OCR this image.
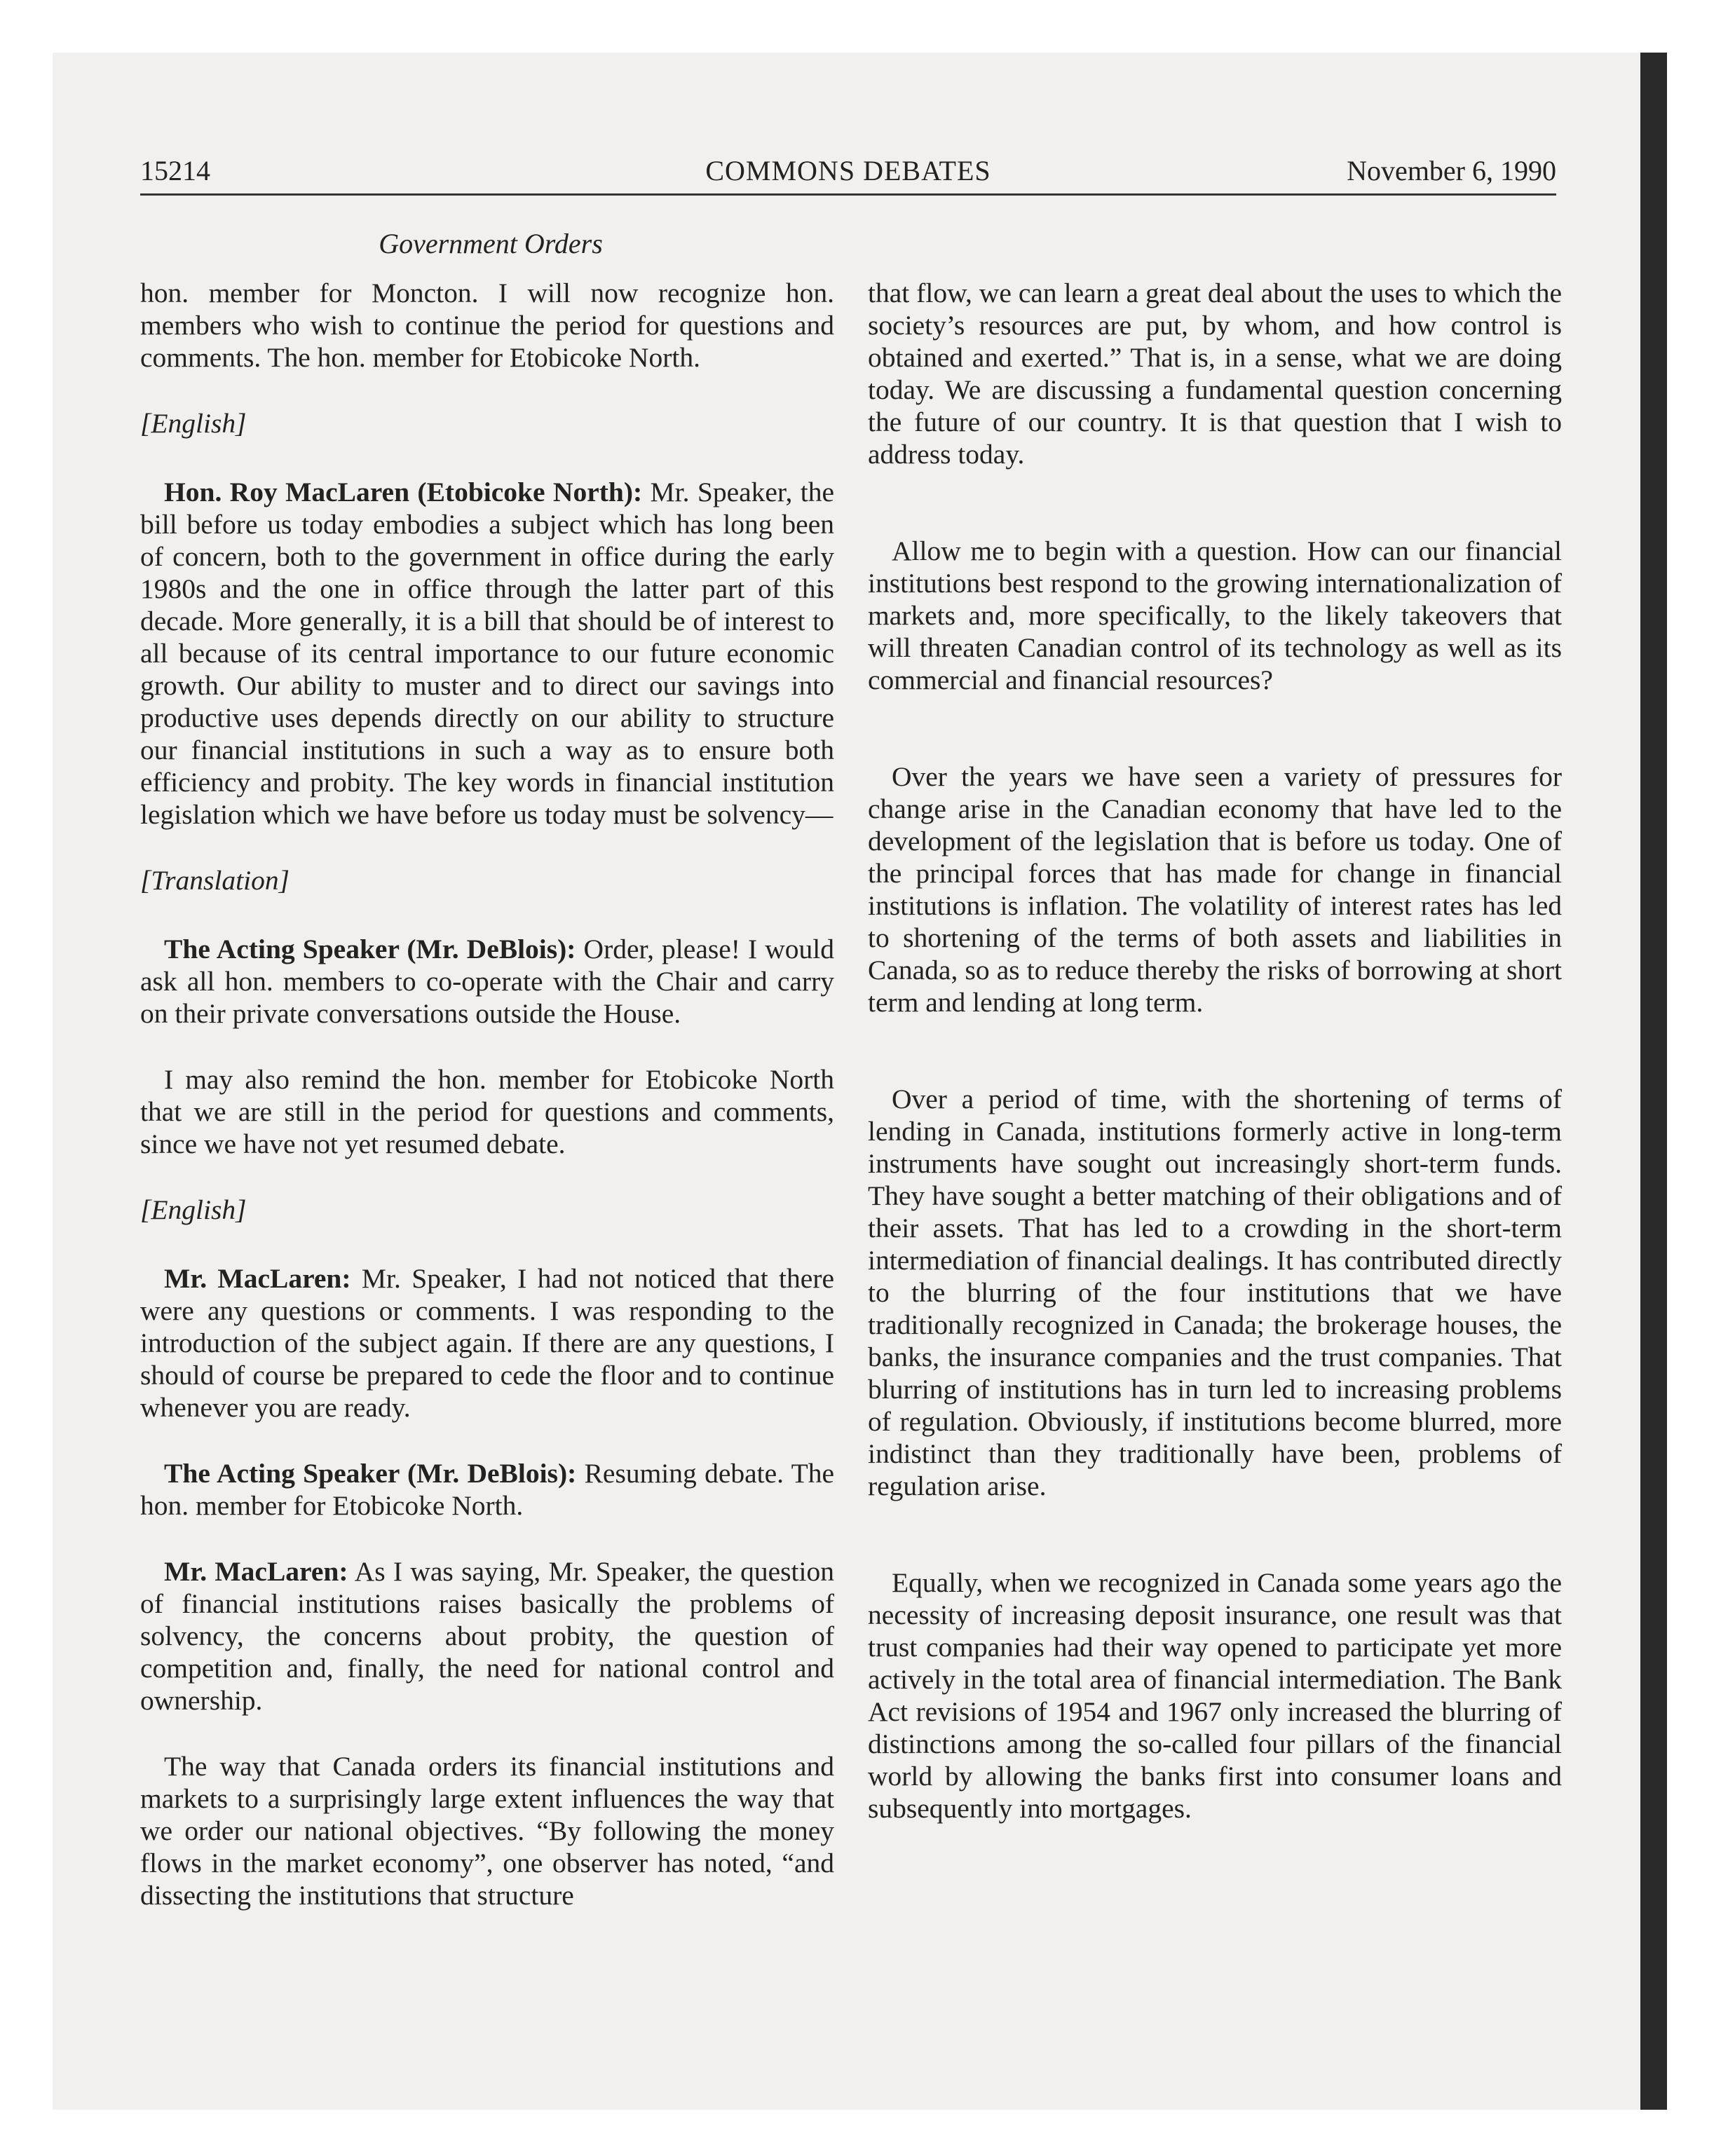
15214	COMMONS DEBATES	November 6, 1990
Government Orders

hon. member for Moncton. I will now recognize hon. members who wish to continue the period for questions and comments. The hon. member for Etobicoke North.

[English]

Hon. Roy MacLaren (Etobicoke North): Mr. Speaker, the bill before us today embodies a subject which has long been of concern, both to the government in office during the early 1980s and the one in office through the latter part of this decade. More generally, it is a bill that should be of interest to all because of its central importance to our future economic growth. Our ability to muster and to direct our savings into productive uses depends directly on our ability to structure our financial institutions in such a way as to ensure both efficiency and probity. The key words in financial institution legislation which we have before us today must be solvency—

[Translation]

The Acting Speaker (Mr. DeBlois): Order, please! I would ask all hon. members to co-operate with the Chair and carry on their private conversations outside the House.

I may also remind the hon. member for Etobicoke North that we are still in the period for questions and comments, since we have not yet resumed debate.

[English]

Mr. MacLaren: Mr. Speaker, I had not noticed that there were any questions or comments. I was responding to the introduction of the subject again. If there are any questions, I should of course be prepared to cede the floor and to continue whenever you are ready.

The Acting Speaker (Mr. DeBlois): Resuming debate. The hon. member for Etobicoke North.

Mr. MacLaren: As I was saying, Mr. Speaker, the question of financial institutions raises basically the problems of solvency, the concerns about probity, the question of competition and, finally, the need for national control and ownership.

The way that Canada orders its financial institutions and markets to a surprisingly large extent influences the way that we order our national objectives. “By following the money flows in the market economy”, one observer has noted, “and dissecting the institutions that structure

that flow, we can learn a great deal about the uses to which the society’s resources are put, by whom, and how control is obtained and exerted.” That is, in a sense, what we are doing today. We are discussing a fundamental question concerning the future of our country. It is that question that I wish to address today.

Allow me to begin with a question. How can our financial institutions best respond to the growing internationalization of markets and, more specifically, to the likely takeovers that will threaten Canadian control of its technology as well as its commercial and financial resources?

Over the years we have seen a variety of pressures for change arise in the Canadian economy that have led to the development of the legislation that is before us today. One of the principal forces that has made for change in financial institutions is inflation. The volatility of interest rates has led to shortening of the terms of both assets and liabilities in Canada, so as to reduce thereby the risks of borrowing at short term and lending at long term.

Over a period of time, with the shortening of terms of lending in Canada, institutions formerly active in long-term instruments have sought out increasingly short-term funds. They have sought a better matching of their obligations and of their assets. That has led to a crowding in the short-term intermediation of financial dealings. It has contributed directly to the blurring of the four institutions that we have traditionally recognized in Canada; the brokerage houses, the banks, the insurance companies and the trust companies. That blurring of institutions has in turn led to increasing problems of regulation. Obviously, if institutions become blurred, more indistinct than they traditionally have been, problems of regulation arise.

Equally, when we recognized in Canada some years ago the necessity of increasing deposit insurance, one result was that trust companies had their way opened to participate yet more actively in the total area of financial intermediation. The Bank Act revisions of 1954 and 1967 only increased the blurring of distinctions among the so-called four pillars of the financial world by allowing the banks first into consumer loans and subsequently into mortgages.
